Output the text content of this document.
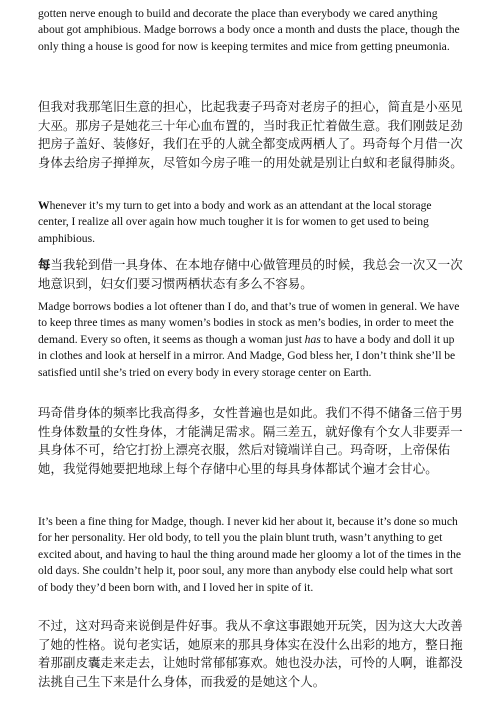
gotten nerve enough to build and decorate the place than everybody we cared anything about got amphibious. Madge borrows a body once a month and dusts the place, though the only thing a house is good for now is keeping termites and mice from getting pneumonia.

但我对我那笔旧生意的担心，比起我妻子玛奇对老房子的担心，简直是小巫见大巫。那房子是她花三十年心血布置的，当时我正忙着做生意。我们刚鼓足劲把房子盖好、装修好，我们在乎的人就全都变成两栖人了。玛奇每个月借一次身体去给房子掸掸灰，尽管如今房子唯一的用处就是别让白蚁和老鼠得肺炎。

Whenever it’s my turn to get into a body and work as an attendant at the local storage center, I realize all over again how much tougher it is for women to get used to being amphibious.

每当我轮到借一具身体、在本地存储中心做管理员的时候，我总会一次又一次地意识到，妇女们要习惯两栖状态有多么不容易。

Madge borrows bodies a lot oftener than I do, and that’s true of women in general. We have to keep three times as many women’s bodies in stock as men’s bodies, in order to meet the demand. Every so often, it seems as though a woman just has to have a body and doll it up in clothes and look at herself in a mirror. And Madge, God bless her, I don’t think she’ll be satisfied until she’s tried on every body in every storage center on Earth.

玛奇借身体的频率比我高得多，女性普遍也是如此。我们不得不储备三倍于男性身体数量的女性身体，才能满足需求。隔三差五，就好像有个女人非要弄一具身体不可，给它打扮上漂亮衣服，然后对镜端详自己。玛奇呀，上帝保佑她，我觉得她要把地球上每个存储中心里的每具身体都试个遍才会甘心。

It’s been a fine thing for Madge, though. I never kid her about it, because it’s done so much for her personality. Her old body, to tell you the plain blunt truth, wasn’t anything to get excited about, and having to haul the thing around made her gloomy a lot of the times in the old days. She couldn’t help it, poor soul, any more than anybody else could help what sort of body they’d been born with, and I loved her in spite of it.

不过，这对玛奇来说倒是件好事。我从不拿这事跟她开玩笑，因为这大大改善了她的性格。说句老实话，她原来的那具身体实在没什么出彩的地方，整日拖着那副皮囊走来走去，让她时常郁郁寡欢。她也没办法，可怜的人啊，谁都没法挑自己生下来是什么身体，而我爱的是她这个人。
